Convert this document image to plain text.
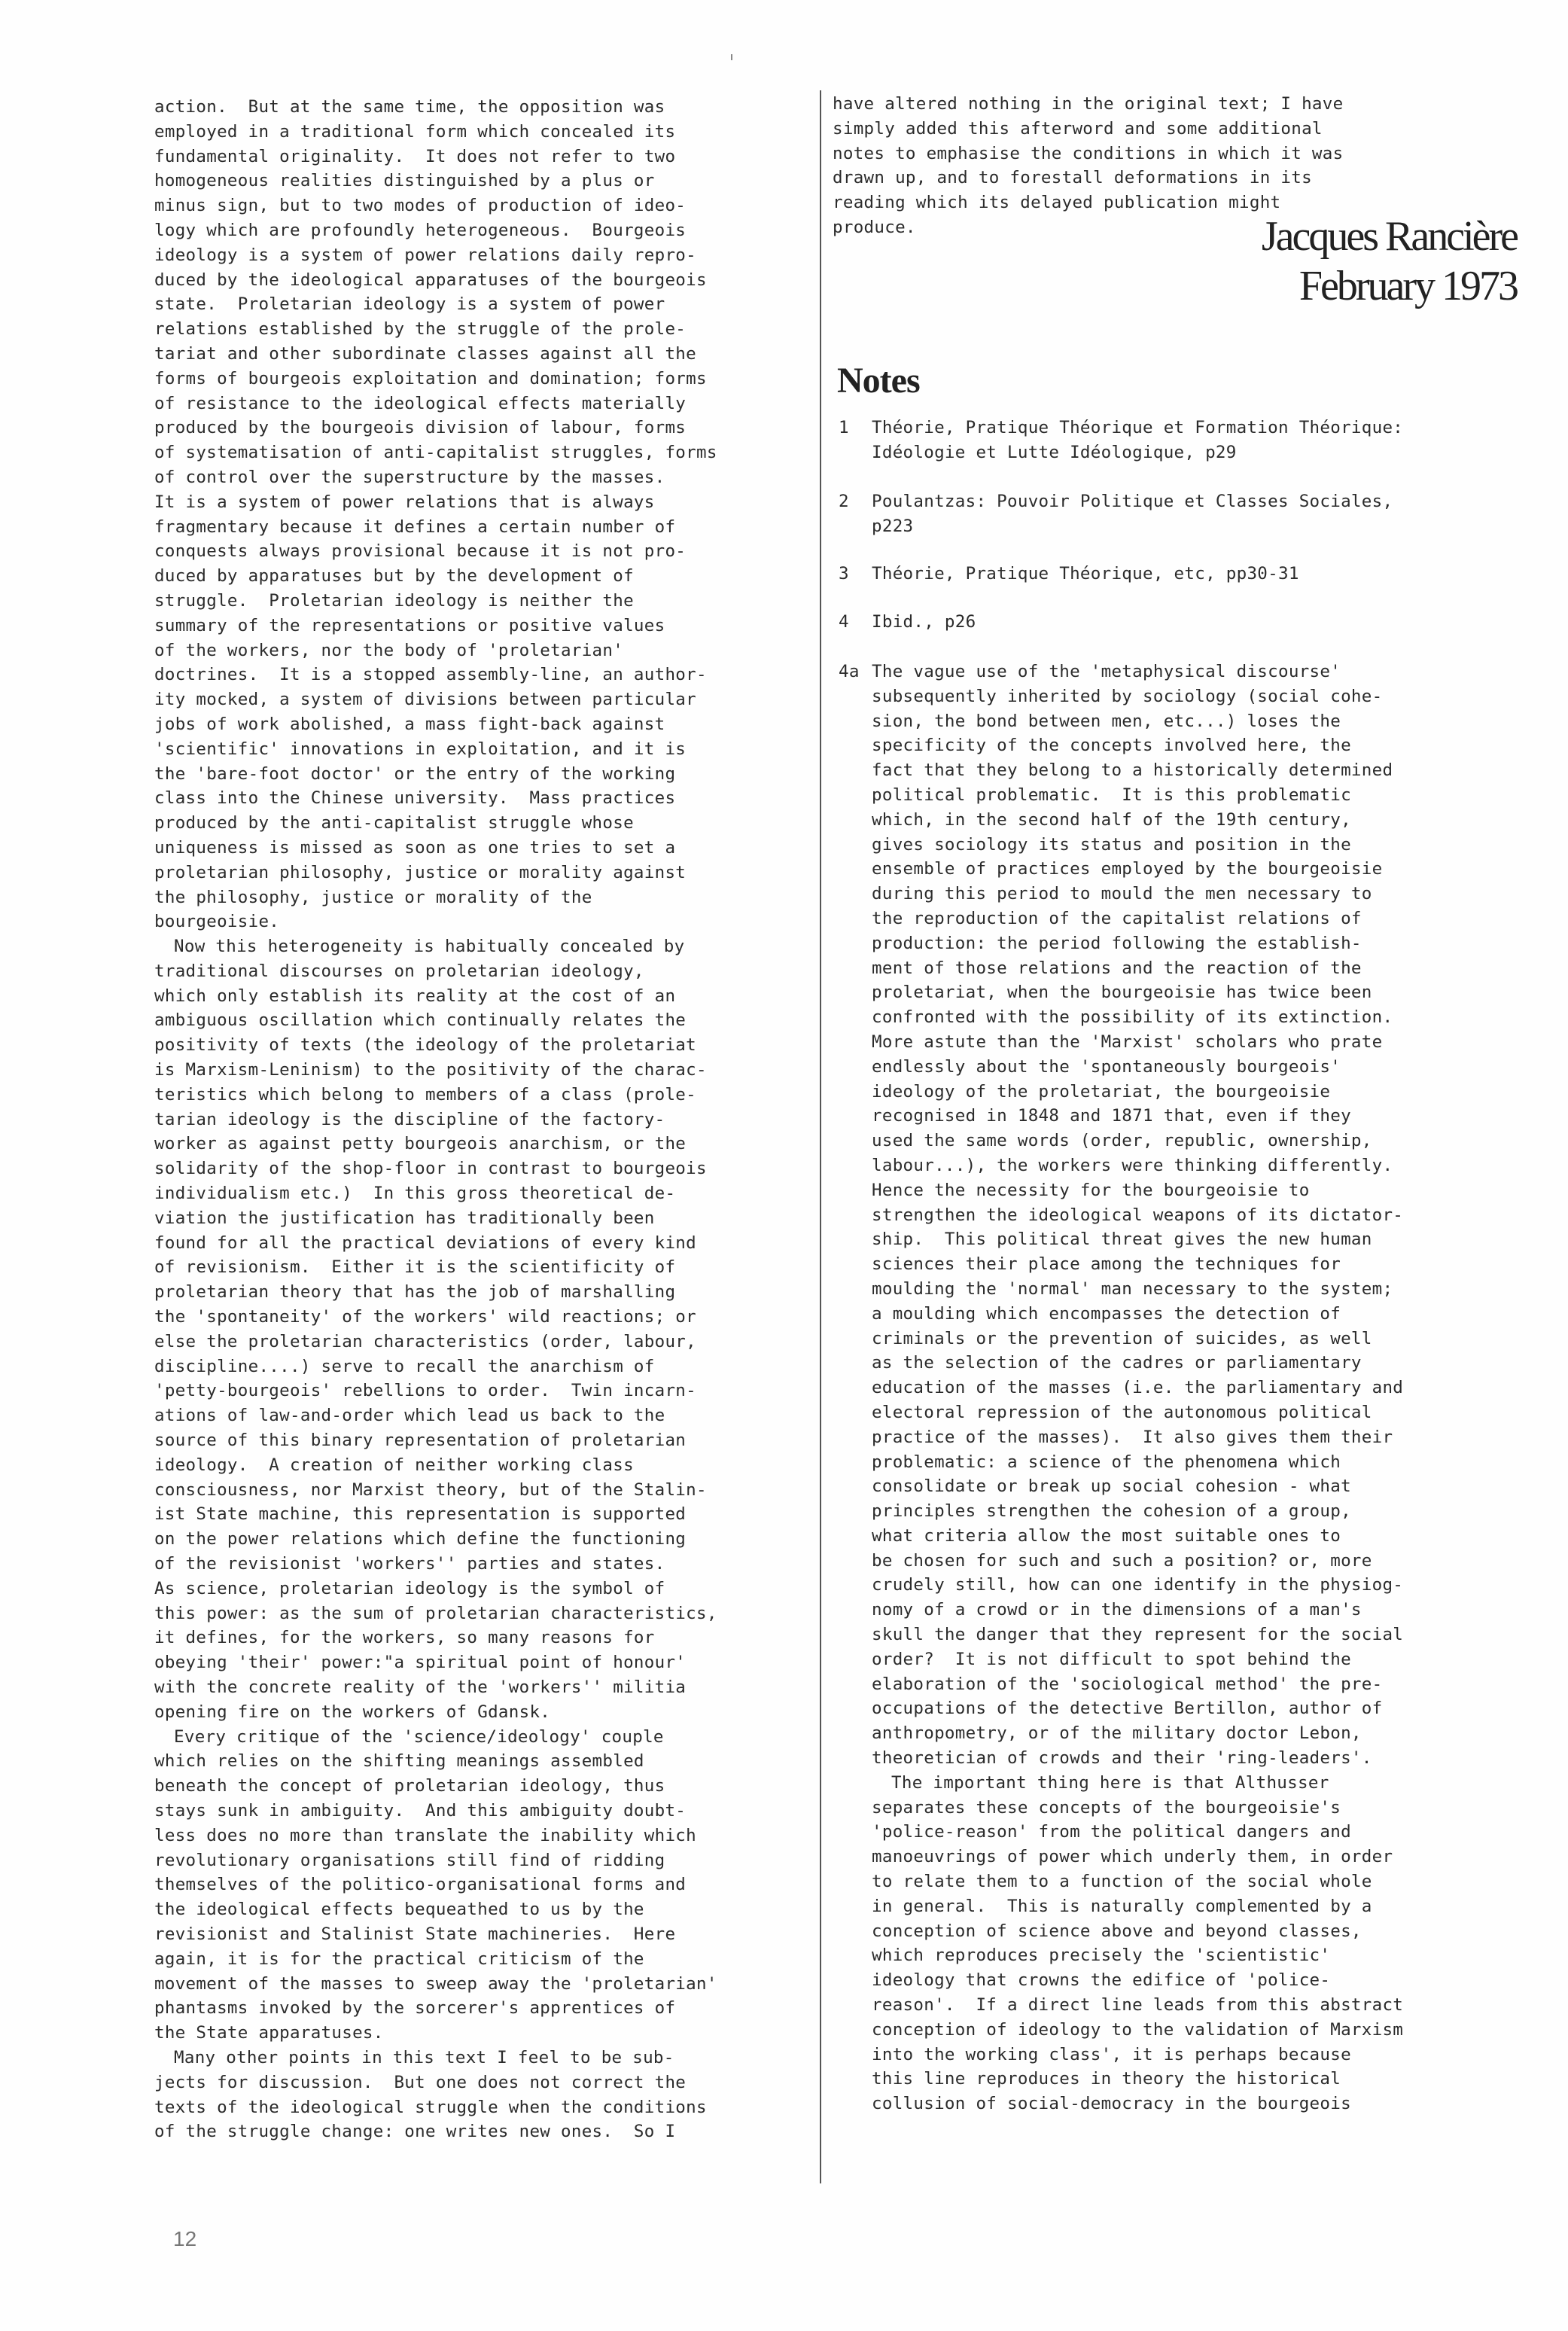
action.  But at the same time, the opposition was

employed in a traditional form which concealed its

fundamental originality.  It does not refer to two

homogeneous realities distinguished by a plus or

minus sign, but to two modes of production of ideo-

logy which are profoundly heterogeneous.  Bourgeois

ideology is a system of power relations daily repro-

duced by the ideological apparatuses of the bourgeois

state.  Proletarian ideology is a system of power

relations established by the struggle of the prole-

tariat and other subordinate classes against all the

forms of bourgeois exploitation and domination; forms

of resistance to the ideological effects materially

produced by the bourgeois division of labour, forms

of systematisation of anti-capitalist struggles, forms

of control over the superstructure by the masses.

It is a system of power relations that is always

fragmentary because it defines a certain number of

conquests always provisional because it is not pro-

duced by apparatuses but by the development of

struggle.  Proletarian ideology is neither the

summary of the representations or positive values

of the workers, nor the body of 'proletarian'

doctrines.  It is a stopped assembly-line, an author-

ity mocked, a system of divisions between particular

jobs of work abolished, a mass fight-back against

'scientific' innovations in exploitation, and it is

the 'bare-foot doctor' or the entry of the working

class into the Chinese university.  Mass practices

produced by the anti-capitalist struggle whose

uniqueness is missed as soon as one tries to set a

proletarian philosophy, justice or morality against

the philosophy, justice or morality of the

bourgeoisie.

Now this heterogeneity is habitually concealed by

traditional discourses on proletarian ideology,

which only establish its reality at the cost of an

ambiguous oscillation which continually relates the

positivity of texts (the ideology of the proletariat

is Marxism-Leninism) to the positivity of the charac-

teristics which belong to members of a class (prole-

tarian ideology is the discipline of the factory-

worker as against petty bourgeois anarchism, or the

solidarity of the shop-floor in contrast to bourgeois

individualism etc.)  In this gross theoretical de-

viation the justification has traditionally been

found for all the practical deviations of every kind

of revisionism.  Either it is the scientificity of

proletarian theory that has the job of marshalling

the 'spontaneity' of the workers' wild reactions; or

else the proletarian characteristics (order, labour,

discipline....) serve to recall the anarchism of

'petty-bourgeois' rebellions to order.  Twin incarn-

ations of law-and-order which lead us back to the

source of this binary representation of proletarian

ideology.  A creation of neither working class

consciousness, nor Marxist theory, but of the Stalin-

ist State machine, this representation is supported

on the power relations which define the functioning

of the revisionist 'workers'' parties and states.

As science, proletarian ideology is the symbol of

this power: as the sum of proletarian characteristics,

it defines, for the workers, so many reasons for

obeying 'their' power:"a spiritual point of honour'

with the concrete reality of the 'workers'' militia

opening fire on the workers of Gdansk.

Every critique of the 'science/ideology' couple

which relies on the shifting meanings assembled

beneath the concept of proletarian ideology, thus

stays sunk in ambiguity.  And this ambiguity doubt-

less does no more than translate the inability which

revolutionary organisations still find of ridding

themselves of the politico-organisational forms and

the ideological effects bequeathed to us by the

revisionist and Stalinist State machineries.  Here

again, it is for the practical criticism of the

movement of the masses to sweep away the 'proletarian'

phantasms invoked by the sorcerer's apprentices of

the State apparatuses.

Many other points in this text I feel to be sub-

jects for discussion.  But one does not correct the

texts of the ideological struggle when the conditions

of the struggle change: one writes new ones.  So I

have altered nothing in the original text; I have

simply added this afterword and some additional

notes to emphasise the conditions in which it was

drawn up, and to forestall deformations in its

reading which its delayed publication might

produce.	Jacques Rancière
February 1973
Notes
1 Théorie, Pratique Théorique et Formation Théorique:

Idéologie et Lutte Idéologique, p29

2 Poulantzas: Pouvoir Politique et Classes Sociales,

p223

3 Théorie, Pratique Théorique, etc, pp30-31

4 Ibid., p26

4a The vague use of the 'metaphysical discourse'

subsequently inherited by sociology (social cohe-

sion, the bond between men, etc...) loses the

specificity of the concepts involved here, the

fact that they belong to a historically determined

political problematic.  It is this problematic

which, in the second half of the 19th century,

gives sociology its status and position in the

ensemble of practices employed by the bourgeoisie

during this period to mould the men necessary to

the reproduction of the capitalist relations of

production: the period following the establish-

ment of those relations and the reaction of the

proletariat, when the bourgeoisie has twice been

confronted with the possibility of its extinction.

More astute than the 'Marxist' scholars who prate

endlessly about the 'spontaneously bourgeois'

ideology of the proletariat, the bourgeoisie

recognised in 1848 and 1871 that, even if they

used the same words (order, republic, ownership,

labour...), the workers were thinking differently.

Hence the necessity for the bourgeoisie to

strengthen the ideological weapons of its dictator-

ship.  This political threat gives the new human

sciences their place among the techniques for

moulding the 'normal' man necessary to the system;

a moulding which encompasses the detection of

criminals or the prevention of suicides, as well

as the selection of the cadres or parliamentary

education of the masses (i.e. the parliamentary and

electoral repression of the autonomous political

practice of the masses).  It also gives them their

problematic: a science of the phenomena which

consolidate or break up social cohesion - what

principles strengthen the cohesion of a group,

what criteria allow the most suitable ones to

be chosen for such and such a position? or, more

crudely still, how can one identify in the physiog-

nomy of a crowd or in the dimensions of a man's

skull the danger that they represent for the social

order?  It is not difficult to spot behind the

elaboration of the 'sociological method' the pre-

occupations of the detective Bertillon, author of

anthropometry, or of the military doctor Lebon,

theoretician of crowds and their 'ring-leaders'.

The important thing here is that Althusser

separates these concepts of the bourgeoisie's

'police-reason' from the political dangers and

manoeuvrings of power which underly them, in order

to relate them to a function of the social whole

in general.  This is naturally complemented by a

conception of science above and beyond classes,

which reproduces precisely the 'scientistic'

ideology that crowns the edifice of 'police-

reason'.  If a direct line leads from this abstract

conception of ideology to the validation of Marxism

into the working class', it is perhaps because

this line reproduces in theory the historical

collusion of social-democracy in the bourgeois

12
